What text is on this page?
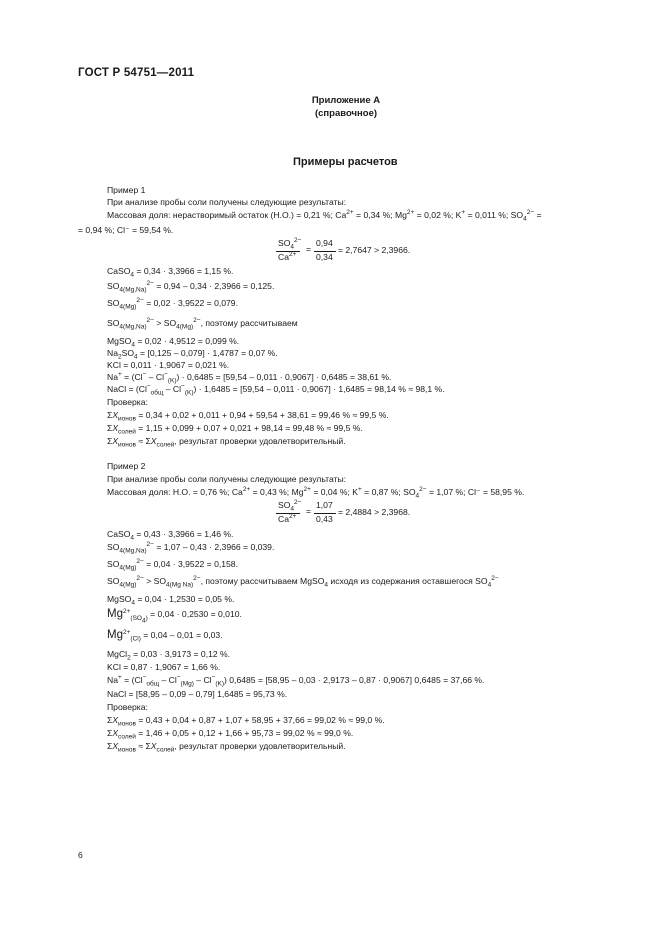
ГОСТ Р 54751—2011
Приложение А
(справочное)
Примеры расчетов
Пример 1
При анализе пробы соли получены следующие результаты:
Массовая доля: нерастворимый остаток (Н.О.) = 0,21 %; $Ca^{2+} = 0,34$ %; $Mg^{2+} = 0,02$ %; K+ = 0,011 %; $SO_4^{2-}$ =
= 0,94 %; Cl⁻ = 59,54 %.
$SO_4^{2-}$
$Ca^{2+}$
=
0,94
0,34
= 2,7647 > 2,3966.
CaSO$_4$ = 0,34 · 3,3966 = 1,15 %.
$SO_{4(Mg,Na)}^{2-} = 0,94 - 0,34 \cdot 2,3966 = 0,125$.
$SO_{4(Mg)}^{2-} = 0,02 \cdot 3,9522 = 0,079$.
$SO_{4(Mg,Na)}^{2-} > SO_{4(Mg)}^{2-}$, поэтому рассчитываем
MgSO$_4$ = 0,02 · 4,9512 = 0,099 %.
$Na_2SO_4 = [0,125 - 0,079] \cdot 1,4787 = 0,07$ %.
KCl = 0,011 · 1,9067 = 0,021 %.
$Na^+ = (Cl^- - Cl^-_{(K)}) \cdot 0,6485 = [59,54 - 0,011 \cdot 0,9067] \cdot 0,6485 = 38,61$ %.
NaCl = $(Cl^-_{общ} - Cl^-_{(K)}) \cdot 1,6485 = [59,54 - 0,011 \cdot 0,9067] \cdot 1,6485 = 98,14$ % ≈ 98,1 %.
Проверка:
$\Sigma X_{ионов} = 0,34 + 0,02 + 0,011 + 0,94 + 59,54 + 38,61 = 99,46$ % ≈ 99,5 %.
$\Sigma X_{солей} = 1,15 + 0,099 + 0,07 + 0,021 + 98,14 = 99,48$ % ≈ 99,5 %.
$\Sigma X_{ионов} \approx \Sigma X_{солей}$, результат проверки удовлетворительный.
Пример 2
При анализе пробы соли получены следующие результаты:
Массовая доля: Н.О. = 0,76 %; $Ca^{2+} = 0,43$ %; $Mg^{2+} = 0,04$ %; K+ = 0,87 %; $SO_4^{2-} = 1,07$ %; Cl⁻ = 58,95 %.
$SO_4^{2-}$
$Ca^{2+}$
=
1,07
0,43
= 2,4884 > 2,3968.
CaSO$_4$ = 0,43 · 3,3966 = 1,46 %.
$SO_{4(Mg,Na)}^{2-} = 1,07 - 0,43 \cdot 2,3966 = 0,039$.
$SO_{4(Mg)}^{2-} = 0,04 \cdot 3,9522 = 0,158$.
$SO_{4(Mg)}^{2-} > SO_{4(Mg Na)}^{2-}$, поэтому рассчитываем MgSO$_4$ исходя из содержания оставшегося $SO_4^{2-}$
MgSO$_4$ = 0,04 · 1,2530 = 0,05 %.
$Mg^{2+}_{(SO_4)} = 0,04 \cdot 0,2530 = 0,010$.
$Mg^{2+}_{(Cl)} = 0,04 - 0,01 = 0,03$.
MgCl$_2$ = 0,03 · 3,9173 = 0,12 %.
KCl = 0,87 · 1,9067 = 1,66 %.
$Na^+ = (Cl^-_{общ} - Cl^-_{(Mg)} - Cl^-_{(K)}) 0,6485 = [58,95 - 0,03 \cdot 2,9173 - 0,87 \cdot 0,9067] 0,6485 = 37,66$ %.
NaCl = [58,95 – 0,09 – 0,79] 1,6485 = 95,73 %.
Проверка:
$\Sigma X_{ионов} = 0,43 + 0,04 + 0,87 + 1,07 + 58,95 + 37,66 = 99,02$ % ≈ 99,0 %.
$\Sigma X_{солей} = 1,46 + 0,05 + 0,12 + 1,66 + 95,73 = 99,02$ % ≈ 99,0 %.
$\Sigma X_{ионов} \approx \Sigma X_{солей}$, результат проверки удовлетворительный.
6
